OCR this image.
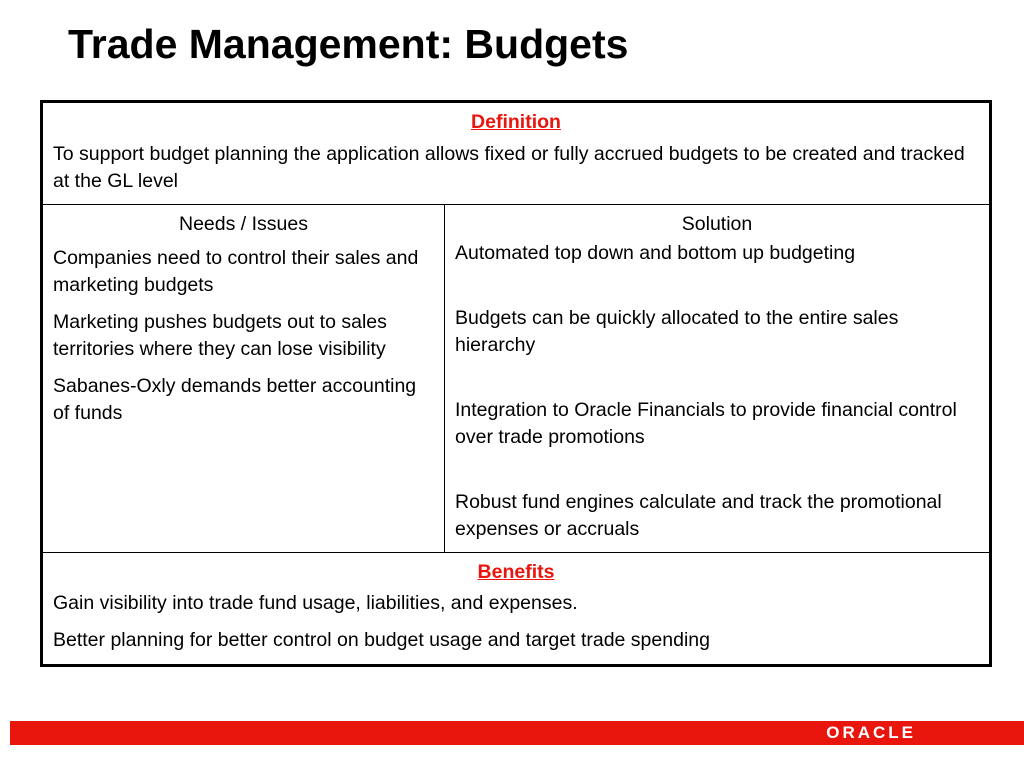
Trade Management: Budgets
Definition
To support budget planning the application allows fixed or fully accrued budgets to be created and tracked at the GL level

Needs / Issues
Companies need to control their sales and marketing budgets
Marketing pushes budgets out to sales territories where they can lose visibility
Sabanes-Oxly demands better accounting of funds

Solution
Automated top down and bottom up budgeting
Budgets can be quickly allocated to the entire sales hierarchy
Integration to Oracle Financials to provide financial control over trade promotions
Robust fund engines calculate and track the promotional expenses or accruals

Benefits
Gain visibility into trade fund usage, liabilities, and expenses.
Better planning for better control on budget usage and target trade spending
ORACLE
